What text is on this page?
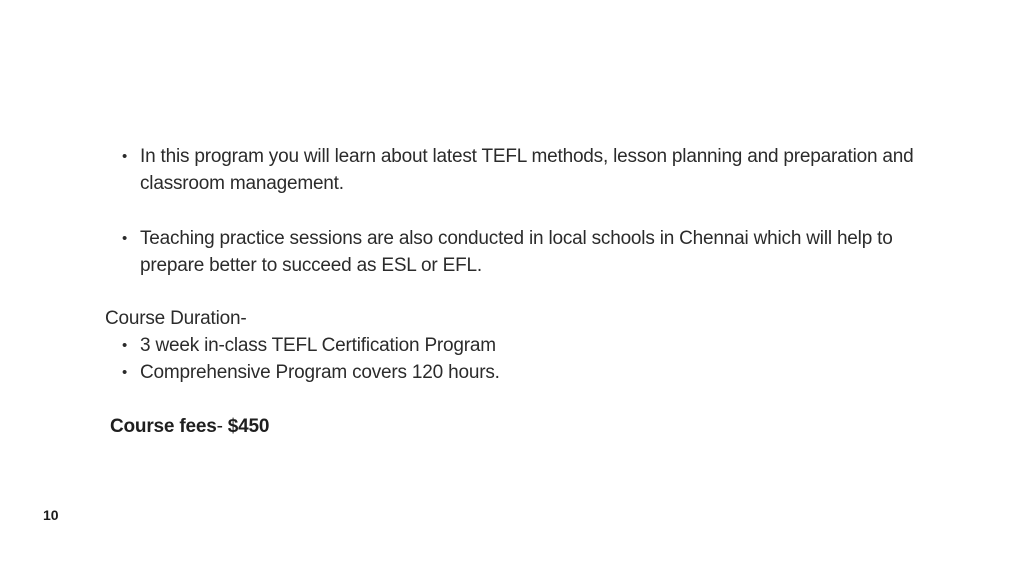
• In this program you will learn about latest TEFL methods, lesson planning and preparation and classroom management.
• Teaching practice sessions are also conducted in local schools in Chennai which will help to prepare better to succeed as ESL or EFL.
Course Duration-
• 3 week in-class TEFL Certification Program
• Comprehensive Program covers 120 hours.
Course fees- $450
10
